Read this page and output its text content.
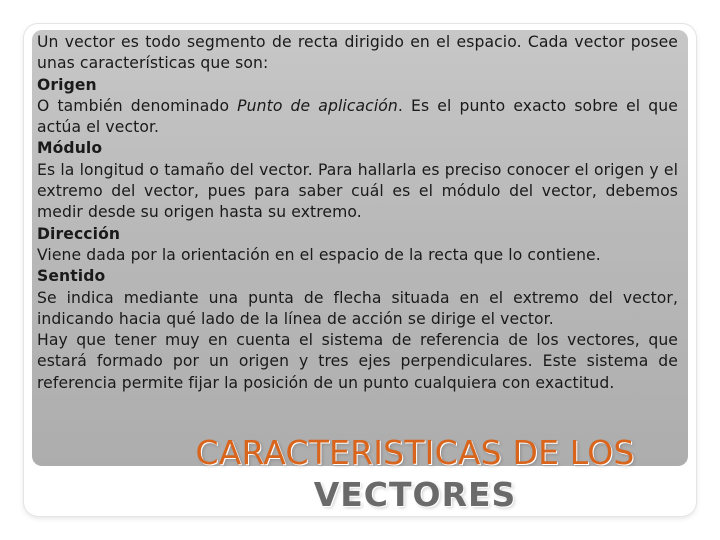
Un vector es todo segmento de recta dirigido en el espacio. Cada vector posee unas características que son:

Origen

O también denominado Punto de aplicación. Es el punto exacto sobre el que actúa el vector.

Módulo

Es la longitud o tamaño del vector. Para hallarla es preciso conocer el origen y el extremo del vector, pues para saber cuál es el módulo del vector, debemos medir desde su origen hasta su extremo.

Dirección

Viene dada por la orientación en el espacio de la recta que lo contiene.

Sentido

Se indica mediante una punta de flecha situada en el extremo del vector, indicando hacia qué lado de la línea de acción se dirige el vector.

Hay que tener muy en cuenta el sistema de referencia de los vectores, que estará formado por un origen y tres ejes perpendiculares. Este sistema de referencia permite fijar la posición de un punto cualquiera con exactitud.

CARACTERISTICAS DE LOS
VECTORES
